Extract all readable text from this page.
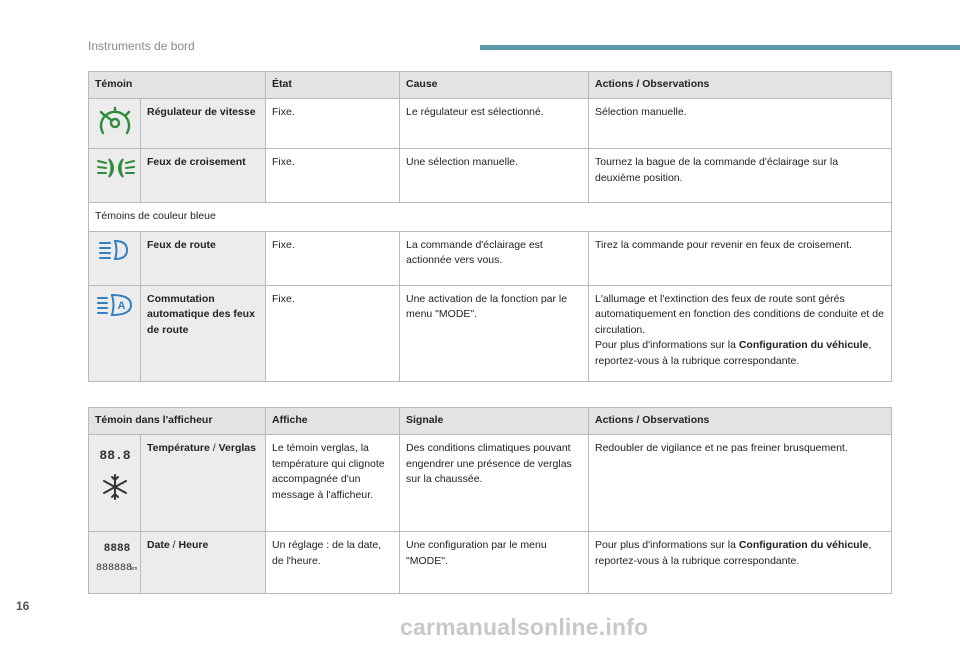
Instruments de bord
Témoin		État	Cause	Actions / Observations

	Régulateur de vitesse	Fixe.	Le régulateur est sélectionné.	Sélection manuelle.

	Feux de croisement	Fixe.	Une sélection manuelle.	Tournez la bague de la commande d'éclairage sur la deuxième position.
Témoins de couleur bleue				

	Feux de route	Fixe.	La commande d'éclairage est actionnée vers vous.	Tirez la commande pour revenir en feux de croisement.

A	Commutation automatique des feux de route	Fixe.	Une activation de la fonction par le menu "MODE".	L'allumage et l'extinction des feux de route sont gérés automatiquement en fonction des conditions de conduite et de circulation.
Pour plus d'informations sur la Configuration du véhicule, reportez-vous à la rubrique correspondante.
Témoin dans l'afficheur		Affiche	Signale	Actions / Observations

88.8	Température / Verglas	Le témoin verglas, la température qui clignote accompagnée d'un message à l'afficheur.	Des conditions climatiques pouvant engendrer une présence de verglas sur la chaussée.	Redoubler de vigilance et ne pas freiner brusquement.

8888
888888
km	Date / Heure	Un réglage : de la date, de l'heure.	Une configuration par le menu "MODE".	Pour plus d'informations sur la Configuration du véhicule, reportez-vous à la rubrique correspondante.
16
carmanualsonline.info
